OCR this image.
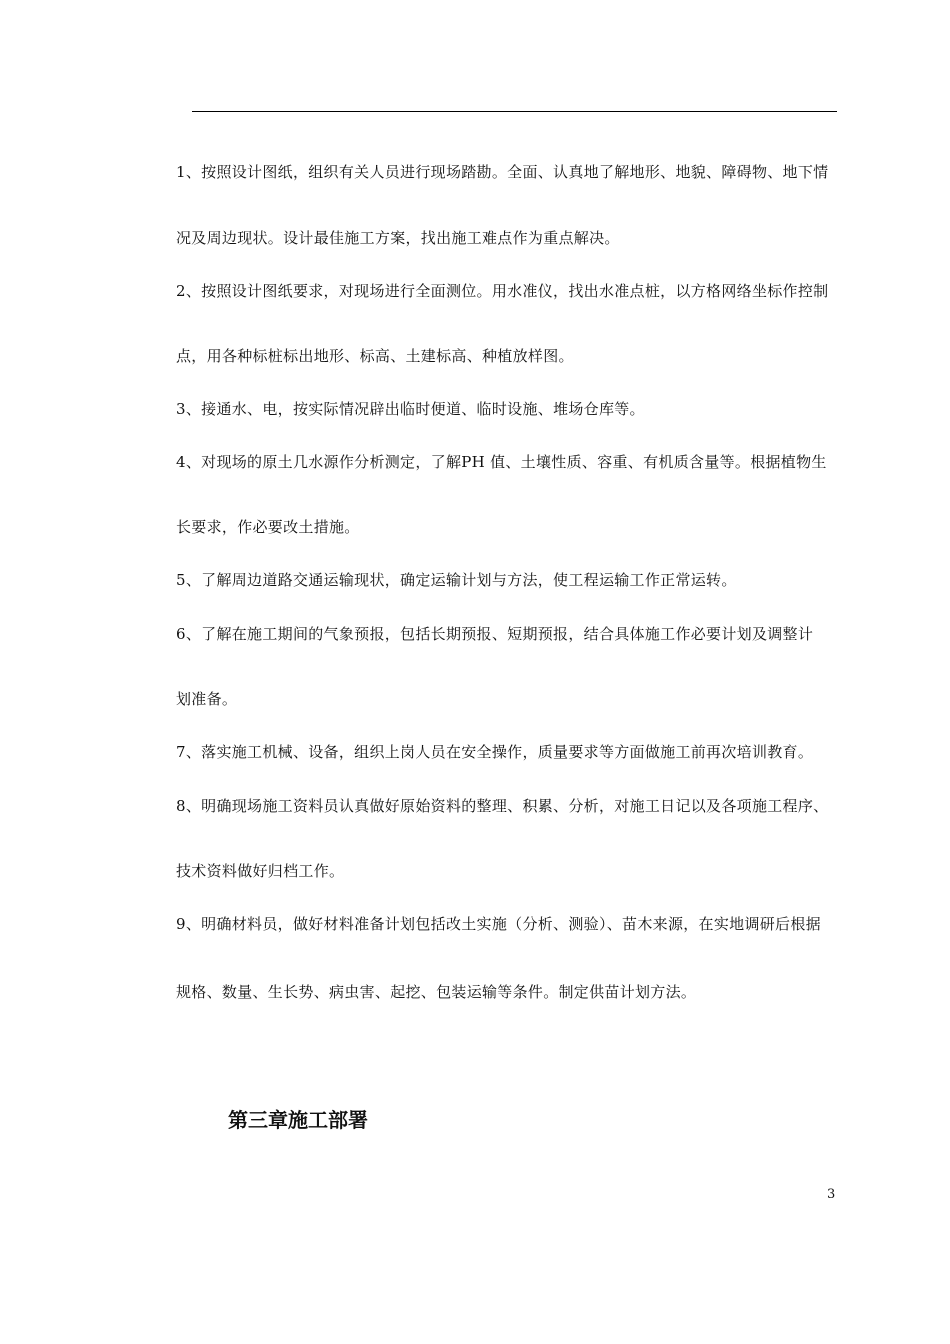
1、按照设计图纸，组织有关人员进行现场踏勘。全面、认真地了解地形、地貌、障碍物、地下情
况及周边现状。设计最佳施工方案，找出施工难点作为重点解决。
2、按照设计图纸要求，对现场进行全面测位。用水准仪，找出水准点桩，以方格网络坐标作控制
点，用各种标桩标出地形、标高、土建标高、种植放样图。
3、接通水、电，按实际情况辟出临时便道、临时设施、堆场仓库等。
4、对现场的原土几水源作分析测定，了解PH 值、土壤性质、容重、有机质含量等。根据植物生
长要求，作必要改土措施。
5、了解周边道路交通运输现状，确定运输计划与方法，使工程运输工作正常运转。
6、了解在施工期间的气象预报，包括长期预报、短期预报，结合具体施工作必要计划及调整计
划准备。
7、落实施工机械、设备，组织上岗人员在安全操作，质量要求等方面做施工前再次培训教育。
8、明确现场施工资料员认真做好原始资料的整理、积累、分析，对施工日记以及各项施工程序、
技术资料做好归档工作。
9、明确材料员，做好材料准备计划包括改土实施（分析、测验）、苗木来源，在实地调研后根据
规格、数量、生长势、病虫害、起挖、包装运输等条件。制定供苗计划方法。
第三章施工部署
3
